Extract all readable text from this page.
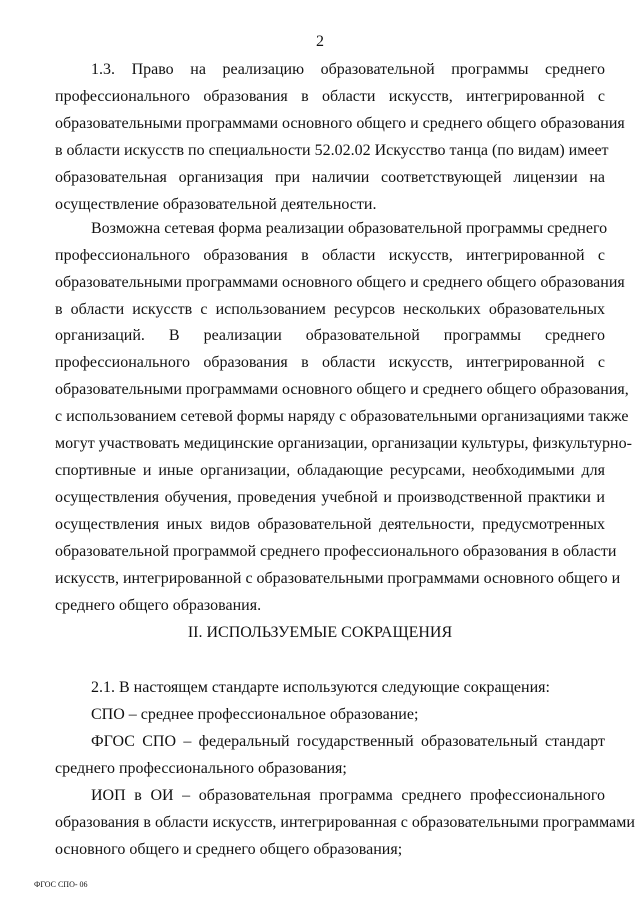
2
1.3. Право на реализацию образовательной программы среднего
профессионального образования в области искусств, интегрированной с
образовательными программами основного общего и среднего общего образования
в области искусств по специальности 52.02.02 Искусство танца (по видам) имеет
образовательная организация при наличии соответствующей лицензии на
осуществление образовательной деятельности.
Возможна сетевая форма реализации образовательной программы среднего
профессионального образования в области искусств, интегрированной с
образовательными программами основного общего и среднего общего образования
в области искусств с использованием ресурсов нескольких образовательных
организаций. В реализации образовательной программы среднего
профессионального образования в области искусств, интегрированной с
образовательными программами основного общего и среднего общего образования,
с использованием сетевой формы наряду с образовательными организациями также
могут участвовать медицинские организации, организации культуры, физкультурно-
спортивные и иные организации, обладающие ресурсами, необходимыми для
осуществления обучения, проведения учебной и производственной практики и
осуществления иных видов образовательной деятельности, предусмотренных
образовательной программой среднего профессионального образования в области
искусств, интегрированной с образовательными программами основного общего и
среднего общего образования.
II. ИСПОЛЬЗУЕМЫЕ СОКРАЩЕНИЯ
2.1. В настоящем стандарте используются следующие сокращения:
СПО – среднее профессиональное образование;
ФГОС СПО – федеральный государственный образовательный стандарт
среднего профессионального образования;
ИОП в ОИ – образовательная программа среднего профессионального
образования в области искусств, интегрированная с образовательными программами
основного общего и среднего общего образования;
ФГОС СПО- 06
